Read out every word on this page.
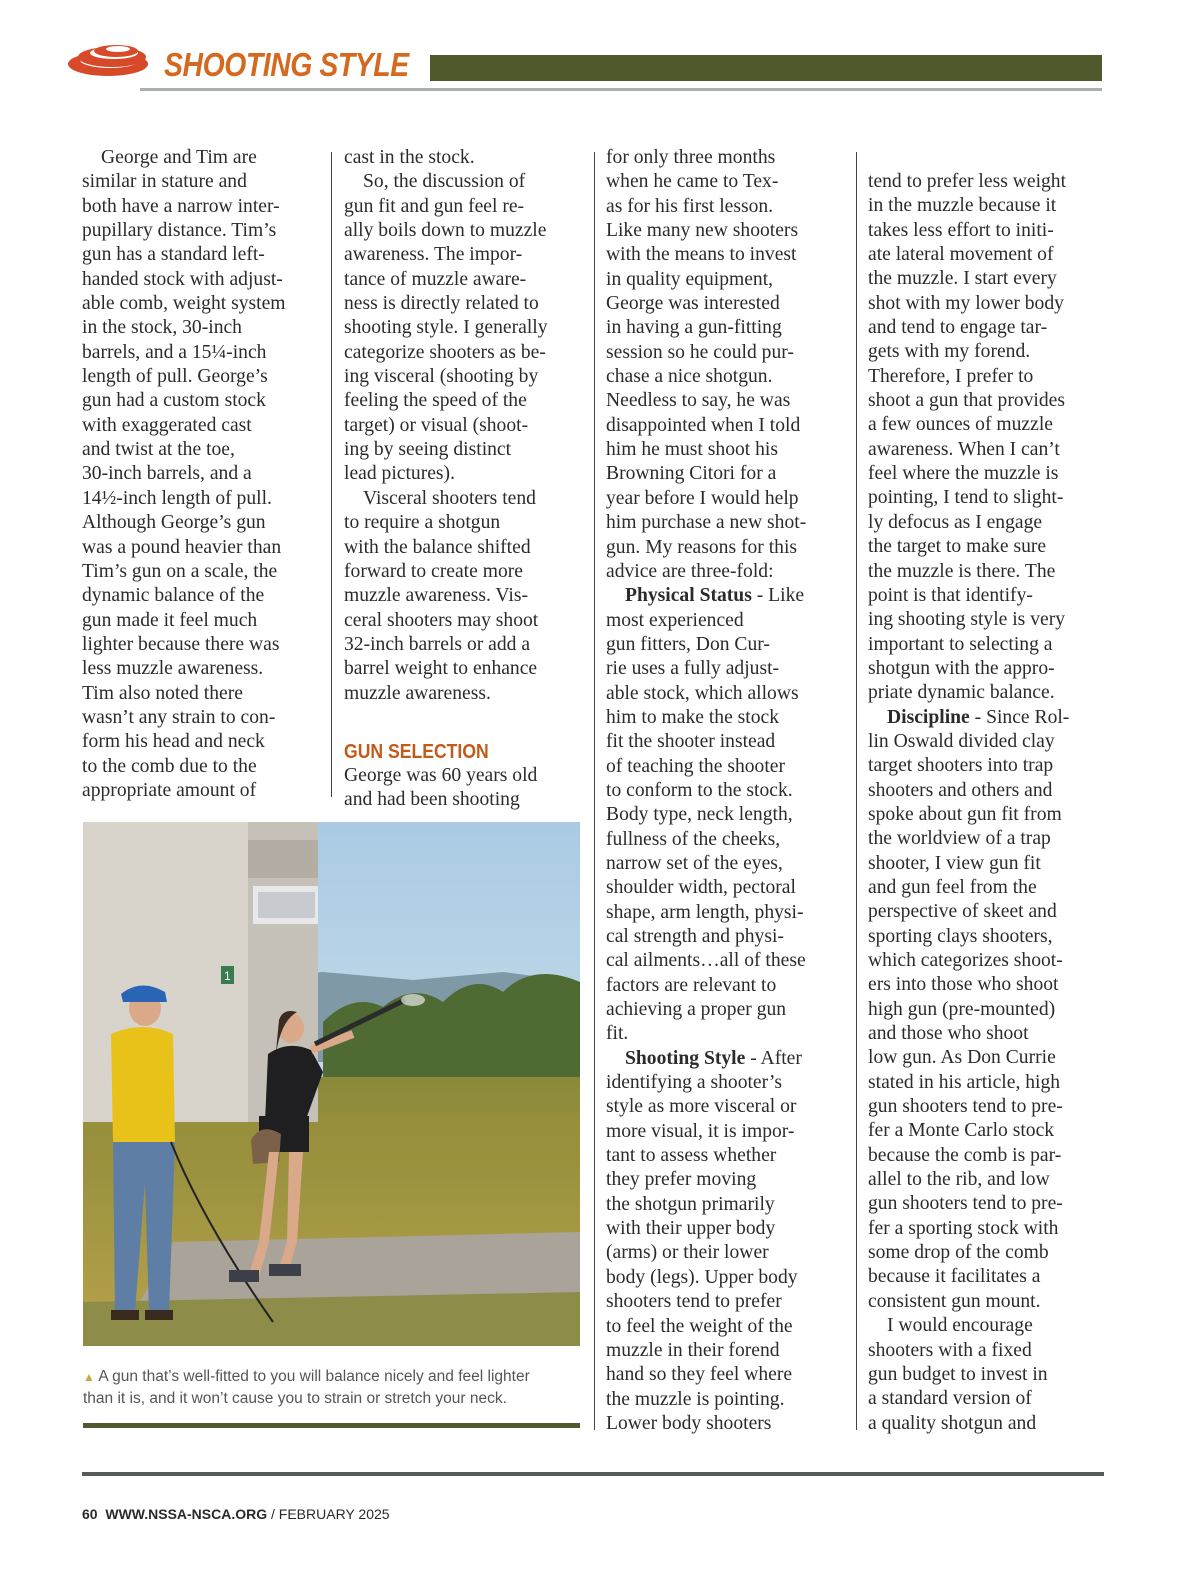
SHOOTING STYLE

George and Tim are

similar in stature and

both have a narrow inter-

pupillary distance. Tim’s

gun has a standard left-

handed stock with adjust-

able comb, weight system

in the stock, 30-inch

barrels, and a 15¼-inch

length of pull. George’s

gun had a custom stock

with exaggerated cast

and twist at the toe,

30-inch barrels, and a

14½-inch length of pull.

Although George’s gun

was a pound heavier than

Tim’s gun on a scale, the

dynamic balance of the

gun made it feel much

lighter because there was

less muzzle awareness.

Tim also noted there

wasn’t any strain to con-

form his head and neck

to the comb due to the

appropriate amount of

cast in the stock.

So, the discussion of

gun fit and gun feel re-

ally boils down to muzzle

awareness. The impor-

tance of muzzle aware-

ness is directly related to

shooting style. I generally

categorize shooters as be-

ing visceral (shooting by

feeling the speed of the

target) or visual (shoot-

ing by seeing distinct

lead pictures).

Visceral shooters tend

to require a shotgun

with the balance shifted

forward to create more

muzzle awareness. Vis-

ceral shooters may shoot

32-inch barrels or add a

barrel weight to enhance

muzzle awareness.

GUN SELECTION

George was 60 years old

and had been shooting

for only three months

when he came to Tex-

as for his first lesson.

Like many new shooters

with the means to invest

in quality equipment,

George was interested

in having a gun-fitting

session so he could pur-

chase a nice shotgun.

Needless to say, he was

disappointed when I told

him he must shoot his

Browning Citori for a

year before I would help

him purchase a new shot-

gun. My reasons for this

advice are three-fold:

Physical Status - Like

most experienced

gun fitters, Don Cur-

rie uses a fully adjust-

able stock, which allows

him to make the stock

fit the shooter instead

of teaching the shooter

to conform to the stock.

Body type, neck length,

fullness of the cheeks,

narrow set of the eyes,

shoulder width, pectoral

shape, arm length, physi-

cal strength and physi-

cal ailments…all of these

factors are relevant to

achieving a proper gun

fit.

Shooting Style - After

identifying a shooter’s

style as more visceral or

more visual, it is impor-

tant to assess whether

they prefer moving

the shotgun primarily

with their upper body

(arms) or their lower

body (legs). Upper body

shooters tend to prefer

to feel the weight of the

muzzle in their forend

hand so they feel where

the muzzle is pointing.

Lower body shooters

tend to prefer less weight

in the muzzle because it

takes less effort to initi-

ate lateral movement of

the muzzle. I start every

shot with my lower body

and tend to engage tar-

gets with my forend.

Therefore, I prefer to

shoot a gun that provides

a few ounces of muzzle

awareness. When I can’t

feel where the muzzle is

pointing, I tend to slight-

ly defocus as I engage

the target to make sure

the muzzle is there. The

point is that identify-

ing shooting style is very

important to selecting a

shotgun with the appro-

priate dynamic balance.

Discipline - Since Rol-

lin Oswald divided clay

target shooters into trap

shooters and others and

spoke about gun fit from

the worldview of a trap

shooter, I view gun fit

and gun feel from the

perspective of skeet and

sporting clays shooters,

which categorizes shoot-

ers into those who shoot

high gun (pre-mounted)

and those who shoot

low gun. As Don Currie

stated in his article, high

gun shooters tend to pre-

fer a Monte Carlo stock

because the comb is par-

allel to the rib, and low

gun shooters tend to pre-

fer a sporting stock with

some drop of the comb

because it facilitates a

consistent gun mount.

I would encourage

shooters with a fixed

gun budget to invest in

a standard version of

a quality shotgun and

1
▲ A gun that’s well-fitted to you will balance nicely and feel lighter
than it is, and it won’t cause you to strain or stretch your neck.
60 WWW.NSSA-NSCA.ORG / FEBRUARY 2025
